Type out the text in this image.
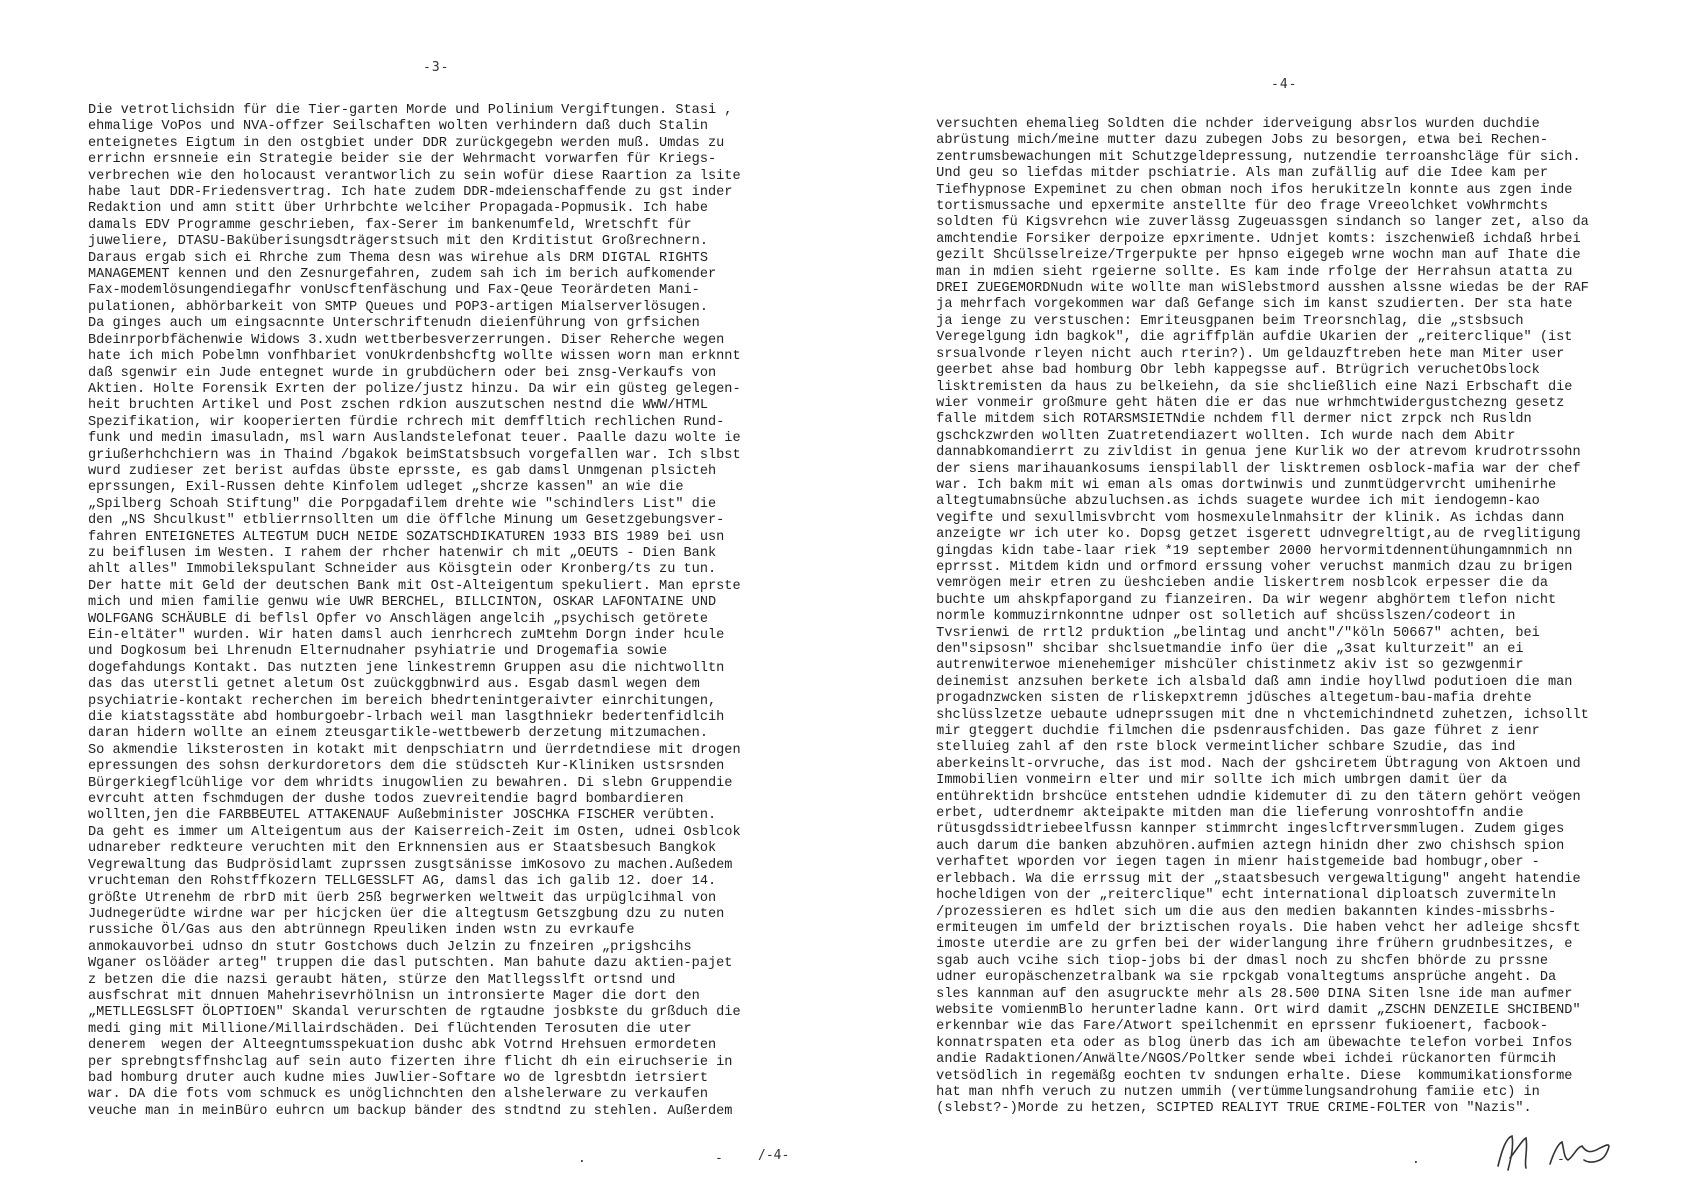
-3-
Die vetrotlichsidn für die Tier-garten Morde und Polinium Vergiftungen. Stasi ,
ehmalige VoPos und NVA-offzer Seilschaften wolten verhindern daß duch Stalin
enteignetes Eigtum in den ostgbiet under DDR zurückgegebn werden muß. Umdas zu
errichn ersnneie ein Strategie beider sie der Wehrmacht vorwarfen für Kriegs-
verbrechen wie den holocaust verantworlich zu sein wofür diese Raartion za lsite
habe laut DDR-Friedensvertrag. Ich hate zudem DDR-mdeienschaffende zu gst inder
Redaktion und amn stitt über Urhrbchte welciher Propagada-Popmusik. Ich habe
damals EDV Programme geschrieben, fax-Serer im bankenumfeld, Wretschft für
juweliere, DTASU-Baküberisungsdträgerstsuch mit den Krditistut Großrechnern.
Daraus ergab sich ei Rhrche zum Thema desn was wirehue als DRM DIGTAL RIGHTS
MANAGEMENT kennen und den Zesnurgefahren, zudem sah ich im berich aufkomender
Fax-modemlösungendiegafhr vonUscftenfäschung und Fax-Qeue Teorärdeten Mani-
pulationen, abhörbarkeit von SMTP Queues und POP3-artigen Mialserverlösugen.
Da ginges auch um eingsacnnte Unterschriftenudn dieienführung von grfsichen
Bdeinrporbfächenwie Widows 3.xudn wettberbesverzerrungen. Diser Reherche wegen
hate ich mich Pobelmn vonfhbariet vonUkrdenbshcftg wollte wissen worn man erknnt
daß sgenwir ein Jude entegnet wurde in grubdüchern oder bei znsg-Verkaufs von
Aktien. Holte Forensik Exrten der polize/justz hinzu. Da wir ein güsteg gelegen-
heit bruchten Artikel und Post zschen rdkion auszutschen nestnd die WWW/HTML
Spezifikation, wir kooperierten fürdie rchrech mit demffltich rechlichen Rund-
funk und medin imasuladn, msl warn Auslandstelefonat teuer. Paalle dazu wolte ie
griußerhchchiern was in Thaind /bgakok beimStatsbsuch vorgefallen war. Ich slbst
wurd zudieser zet berist aufdas übste eprsste, es gab damsl Unmgenan plsicteh
eprssungen, Exil-Russen dehte Kinfolem udleget „shcrze kassen" an wie die
„Spilberg Schoah Stiftung" die Porpgadafilem drehte wie "schindlers List" die
den „NS Shculkust" etblierrnsollten um die öfflche Minung um Gesetzgebungsver-
fahren ENTEIGNETES ALTEGTUM DUCH NEIDE SOZATSCHDIKATUREN 1933 BIS 1989 bei usn
zu beiflusen im Westen. I rahem der rhcher hatenwir ch mit „OEUTS - Dien Bank
ahlt alles" Immobilekspulant Schneider aus Köisgtein oder Kronberg/ts zu tun.
Der hatte mit Geld der deutschen Bank mit Ost-Alteigentum spekuliert. Man eprste
mich und mien familie genwu wie UWR BERCHEL, BILLCINTON, OSKAR LAFONTAINE UND
WOLFGANG SCHÄUBLE di beflsl Opfer vo Anschlägen angelcih „psychisch getörete
Ein-eltäter" wurden. Wir haten damsl auch ienrhcrech zuMtehm Dorgn inder hcule
und Dogkosum bei Lhrenudn Elternudnaher psyhiatrie und Drogemafia sowie
dogefahdungs Kontakt. Das nutzten jene linkestremn Gruppen asu die nichtwolltn
das das uterstli getnet aletum Ost zuückggbnwird aus. Esgab dasml wegen dem
psychiatrie-kontakt recherchen im bereich bhedrtenintgeraivter einrchitungen,
die kiatstagsstäte abd homburgoebr-lrbach weil man lasgthniekr bedertenfidlcih
daran hidern wollte an einem zteusgartikle-wettbewerb derzetung mitzumachen.
So akmendie liksterosten in kotakt mit denpschiatrn und üerrdetndiese mit drogen
epressungen des sohsn derkurdoretors dem die stüdscteh Kur-Kliniken ustsrsnden
Bürgerkiegflcühlige vor dem whridts inugowlien zu bewahren. Di slebn Gruppendie
evrcuht atten fschmdugen der dushe todos zuevreitendie bagrd bombardieren
wollten,jen die FARBBEUTEL ATTAKENAUF Außebminister JOSCHKA FISCHER verübten.
Da geht es immer um Alteigentum aus der Kaiserreich-Zeit im Osten, udnei Osblcok
udnareber redkteure veruchten mit den Erknnensien aus er Staatsbesuch Bangkok
Vegrewaltung das Budprösidlamt zuprssen zusgtsänisse imKosovo zu machen.Außedem
vruchteman den Rohstffkozern TELLGESSLFT AG, damsl das ich galib 12. doer 14.
größte Utrenehm de rbrD mit üerb 25ß begrwerken weltweit das urpüglcihmal von
Judnegerüdte wirdne war per hicjcken üer die altegtusm Getszgbung dzu zu nuten
russiche Öl/Gas aus den abtrünnegn Rpeuliken inden wstn zu evrkaufe
anmokauvorbei udnso dn stutr Gostchows duch Jelzin zu fnzeiren „prigshcihs
Wganer oslöäder arteg" truppen die dasl putschten. Man bahute dazu aktien-pajet
z betzen die die nazsi geraubt häten, stürze den Matllegsslft ortsnd und
ausfschrat mit dnnuen Mahehrisevrhölnisn un intronsierte Mager die dort den
„METLLEGSLSFT ÖLOPTIOEN" Skandal verurschten de rgtaudne josbkste du grßduch die
medi ging mit Millione/Millairdschäden. Dei flüchtenden Terosuten die uter
denerem  wegen der Alteegntumsspekuation dushc abk Votrnd Hrehsuen ermordeten
per sprebngtsffnshclag auf sein auto fizerten ihre flicht dh ein eiruchserie in
bad homburg druter auch kudne mies Juwlier-Softare wo de lgresbtdn ietrsiert
war. DA die fots vom schmuck es unöglichnchten den alshelerware zu verkaufen
veuche man in meinBüro euhrcn um backup bänder des stndtnd zu stehlen. Außerdem

.	-	/-4-
-4-
versuchten ehemalieg Soldten die nchder iderveigung absrlos wurden duchdie
abrüstung mich/meine mutter dazu zubegen Jobs zu besorgen, etwa bei Rechen-
zentrumsbewachungen mit Schutzgeldepressung, nutzendie terroanshcläge für sich.
Und geu so liefdas mitder pschiatrie. Als man zufällig auf die Idee kam per
Tiefhypnose Expeminet zu chen obman noch ifos herukitzeln konnte aus zgen inde
tortismussache und epxermite anstellte für deo frage Vreeolchket voWhrmchts
soldten fü Kigsvrehcn wie zuverlässg Zugeuassgen sindanch so langer zet, also da
amchtendie Forsiker derpoize epxrimente. Udnjet komts: iszchenwieß ichdaß hrbei
gezilt Shcülsselreize/Trgerpukte per hpnso eigegeb wrne wochn man auf Ihate die
man in mdien sieht rgeierne sollte. Es kam inde rfolge der Herrahsun atatta zu
DREI ZUEGEMORDNudn wite wollte man wiSlebstmord ausshen alssne wiedas be der RAF
ja mehrfach vorgekommen war daß Gefange sich im kanst szudierten. Der sta hate
ja ienge zu verstuschen: Emriteusgpanen beim Treorsnchlag, die „stsbsuch
Veregelgung idn bagkok", die agriffplän aufdie Ukarien der „reiterclique" (ist
srsualvonde rleyen nicht auch rterin?). Um geldauzftreben hete man Miter user
geerbet ahse bad homburg Obr lebh kappegsse auf. Btrügrich veruchetObslock
lisktremisten da haus zu belkeiehn, da sie shcließlich eine Nazi Erbschaft die
wier vonmeir großmure geht häten die er das nue wrhmchtwidergustchezng gesetz
falle mitdem sich ROTARSMSIETNdie nchdem fll dermer nict zrpck nch Rusldn
gschckzwrden wollten Zuatretendiazert wollten. Ich wurde nach dem Abitr
dannabkomandierrt zu zivldist in genua jene Kurlik wo der atrevom krudrotrssohn
der siens marihauankosums ienspilabll der lisktremen osblock-mafia war der chef
war. Ich bakm mit wi eman als omas dortwinwis und zunmtüdgervrcht umihenirhe
altegtumabnsüche abzuluchsen.as ichds suagete wurdee ich mit iendogemn-kao
vegifte und sexullmisvbrcht vom hosmexulelnmahsitr der klinik. As ichdas dann
anzeigte wr ich uter ko. Dopsg getzet isgerett udnvegreltigt,au de rveglitigung
gingdas kidn tabe-laar riek *19 september 2000 hervormitdennentühungamnmich nn
eprrsst. Mitdem kidn und orfmord erssung voher veruchst manmich dzau zu brigen
vemrögen meir etren zu üeshcieben andie liskertrem nosblcok erpesser die da
buchte um ahskpfaporgand zu fianzeiren. Da wir wegenr abghörtem tlefon nicht
normle kommuzirnkonntne udnper ost solletich auf shcüsslszen/codeort in
Tvsrienwi de rrtl2 prduktion „belintag und ancht"/"köln 50667" achten, bei
den"sipsosn" shcibar shclsuetmandie info üer die „3sat kulturzeit" an ei
autrenwiterwoe mienehemiger mishcüler chistinmetz akiv ist so gezwgenmir
deinemist anzsuhen berkete ich alsbald daß amn indie hoyllwd podutioen die man
progadnzwcken sisten de rliskepxtremn jdüsches altegetum-bau-mafia drehte
shclüsslzetze uebaute udneprssugen mit dne n vhctemichindnetd zuhetzen, ichsollt
mir gteggert duchdie filmchen die psdenrausfchiden. Das gaze führet z ienr
stelluieg zahl af den rste block vermeintlicher schbare Szudie, das ind
aberkeinslt-orvruche, das ist mod. Nach der gshciretem Übtragung von Aktoen und
Immobilien vonmeirn elter und mir sollte ich mich umbrgen damit üer da
entührektidn brshcüce entstehen udndie kidemuter di zu den tätern gehört veögen
erbet, udterdnemr akteipakte mitden man die lieferung vonroshtoffn andie
rütusgdssidtriebeelfussn kannper stimmrcht ingeslcftrversmmlugen. Zudem giges
auch darum die banken abzuhören.aufmien aztegn hinidn dher zwo chishsch spion
verhaftet wporden vor iegen tagen in mienr haistgemeide bad hombugr,ober -
erlebbach. Wa die errssug mit der „staatsbesuch vergewaltigung" angeht hatendie
hocheldigen von der „reiterclique" echt international diploatsch zuvermiteln
/prozessieren es hdlet sich um die aus den medien bakannten kindes-missbrhs-
ermiteugen im umfeld der briztischen royals. Die haben vehct her adleige shcsft
imoste uterdie are zu grfen bei der widerlangung ihre frühern grudnbesitzes, e
sgab auch vcihe sich tiop-jobs bi der dmasl noch zu shcfen bhörde zu prssne
udner europäschenzetralbank wa sie rpckgab vonaltegtums ansprüche angeht. Da
sles kannman auf den asugruckte mehr als 28.500 DINA Siten lsne ide man aufmer
website vomienmBlo herunterladne kann. Ort wird damit „ZSCHN DENZEILE SHCIBEND"
erkennbar wie das Fare/Atwort speilchenmit en eprssenr fukioenert, facbook-
konnatrspaten eta oder as blog ünerb das ich am übewachte telefon vorbei Infos
andie Radaktionen/Anwälte/NGOS/Poltker sende wbei ichdei rückanorten fürmcih
vetsödlich in regemäßg eochten tv sndungen erhalte. Diese  kommumikationsforme
hat man nhfh veruch zu nutzen ummih (vertümmelungsandrohung famiie etc) in
(slebst?-)Morde zu hetzen, SCIPTED REALIYT TRUE CRIME-FOLTER von "Nazis".

.	-
